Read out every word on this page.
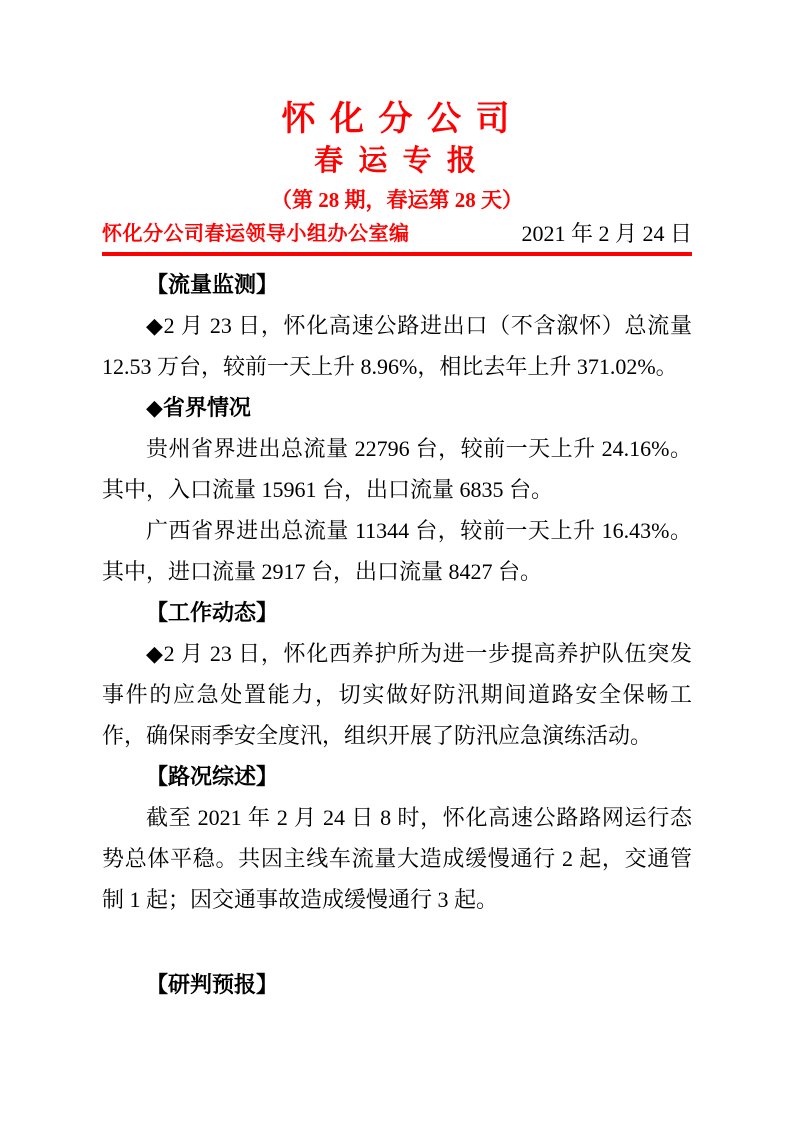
怀 化 分 公 司
春 运 专 报
（第 28 期，春运第 28 天）
怀化分公司春运领导小组办公室编	2021 年 2 月 24 日
【流量监测】

◆2 月 23 日，怀化高速公路进出口（不含溆怀）总流量 12.53 万台，较前一天上升 8.96%，相比去年上升 371.02%。

◆省界情况

贵州省界进出总流量 22796 台，较前一天上升 24.16%。其中，入口流量 15961 台，出口流量 6835 台。

广西省界进出总流量 11344 台，较前一天上升 16.43%。其中，进口流量 2917 台，出口流量 8427 台。

【工作动态】

◆2 月 23 日，怀化西养护所为进一步提高养护队伍突发事件的应急处置能力，切实做好防汛期间道路安全保畅工作，确保雨季安全度汛，组织开展了防汛应急演练活动。

【路况综述】

截至 2021 年 2 月 24 日 8 时，怀化高速公路路网运行态势总体平稳。共因主线车流量大造成缓慢通行 2 起，交通管制 1 起；因交通事故造成缓慢通行 3 起。

【研判预报】
